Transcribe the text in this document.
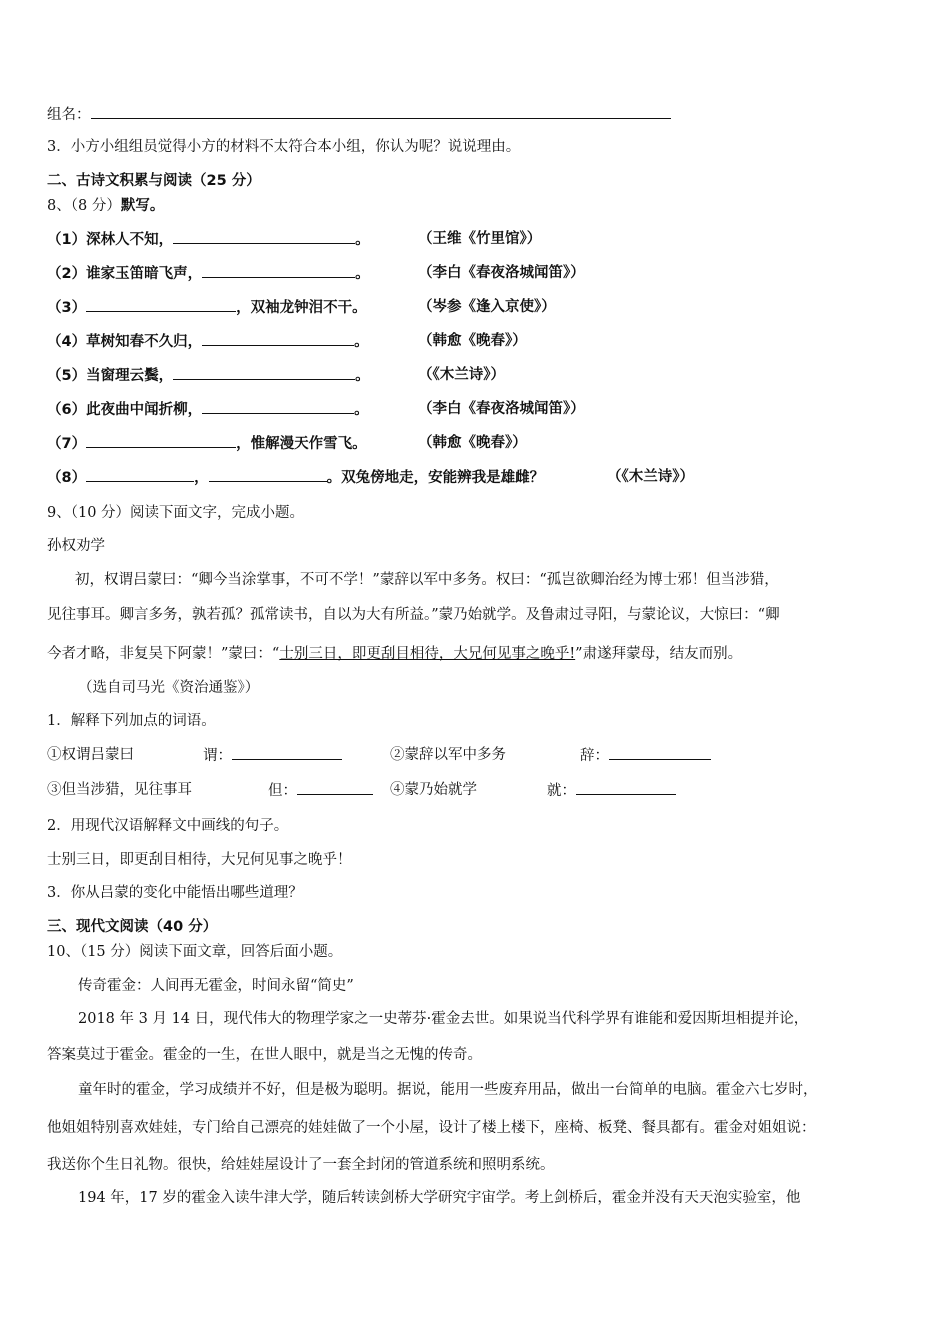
组名：
3．小方小组组员觉得小方的材料不太符合本小组，你认为呢？说说理由。
二、古诗文积累与阅读（25 分）
8、（8 分）默写。
（1）深林人不知，	。	（王维《竹里馆》）
（2）谁家玉笛暗飞声，	。	（李白《春夜洛城闻笛》）
（3）	，双袖龙钟泪不干。	（岑参《逢入京使》）
（4）草树知春不久归，	。	（韩愈《晚春》）
（5）当窗理云鬓，	。	（《木兰诗》）
（6）此夜曲中闻折柳，	。	（李白《春夜洛城闻笛》）
（7）	，惟解漫天作雪飞。	（韩愈《晚春》）
（8）	，	。双兔傍地走，安能辨我是雄雌？	（《木兰诗》）
9、（10 分）阅读下面文字，完成小题。
孙权劝学
初，权谓吕蒙曰：“卿今当涂掌事，不可不学！”蒙辞以军中多务。权曰：“孤岂欲卿治经为博士邪！但当涉猎，
见往事耳。卿言多务，孰若孤？孤常读书，自以为大有所益。”蒙乃始就学。及鲁肃过寻阳，与蒙论议，大惊曰：“卿
今者才略，非复吴下阿蒙！”蒙曰：“士别三日，即更刮目相待，大兄何见事之晚乎!”肃遂拜蒙母，结友而别。
（选自司马光《资治通鉴》）
1．解释下列加点的词语。
①权谓吕蒙曰	谓：	②蒙辞以军中多务	辞：
③但当涉猎，见往事耳	但：	④蒙乃始就学	就：
2．用现代汉语解释文中画线的句子。
士别三日，即更刮目相待，大兄何见事之晚乎！
3．你从吕蒙的变化中能悟出哪些道理？
三、现代文阅读（40 分）
10、（15 分）阅读下面文章，回答后面小题。
传奇霍金：人间再无霍金，时间永留“简史”
2018 年 3 月 14 日，现代伟大的物理学家之一史蒂芬·霍金去世。如果说当代科学界有谁能和爱因斯坦相提并论，
答案莫过于霍金。霍金的一生，在世人眼中，就是当之无愧的传奇。
童年时的霍金，学习成绩并不好，但是极为聪明。据说，能用一些废弃用品，做出一台简单的电脑。霍金六七岁时，
他姐姐特别喜欢娃娃，专门给自己漂亮的娃娃做了一个小屋，设计了楼上楼下，座椅、板凳、餐具都有。霍金对姐姐说：
我送你个生日礼物。很快，给娃娃屋设计了一套全封闭的管道系统和照明系统。
194 年，17 岁的霍金入读牛津大学，随后转读剑桥大学研究宇宙学。考上剑桥后，霍金并没有天天泡实验室，他
